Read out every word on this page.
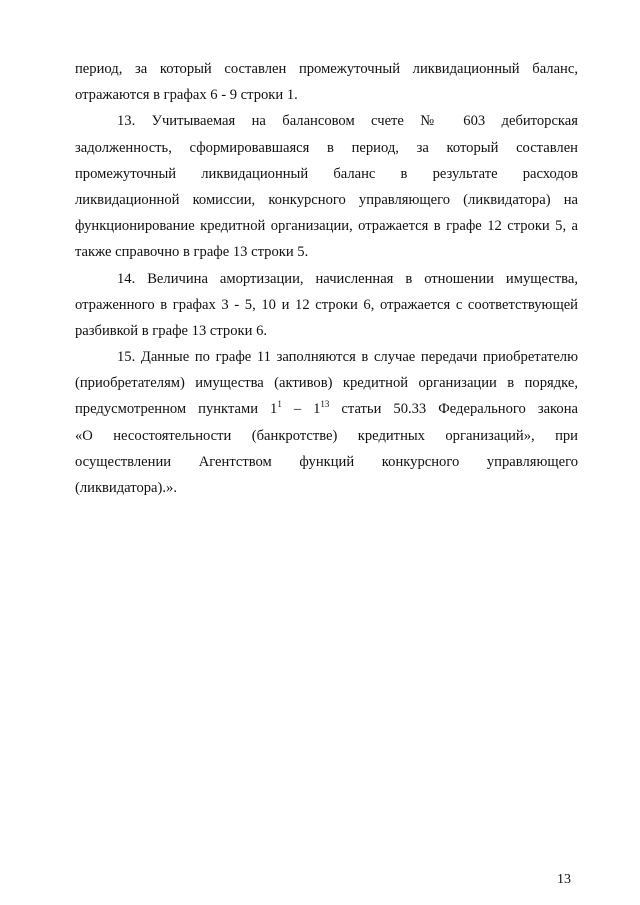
период, за который составлен промежуточный ликвидационный баланс,
отражаются в графах 6 - 9 строки 1.
13. Учитываемая на балансовом счете № 603 дебиторская
задолженность, сформировавшаяся в период, за который составлен
промежуточный ликвидационный баланс в результате расходов
ликвидационной комиссии, конкурсного управляющего (ликвидатора) на
функционирование кредитной организации, отражается в графе 12 строки 5, а
также справочно в графе 13 строки 5.
14. Величина амортизации, начисленная в отношении имущества,
отраженного в графах 3 - 5, 10 и 12 строки 6, отражается с соответствующей
разбивкой в графе 13 строки 6.
15. Данные по графе 11 заполняются в случае передачи приобретателю
(приобретателям) имущества (активов) кредитной организации в порядке,
предусмотренном пунктами $1^1 - 1^{13}$ статьи 50.33 Федерального закона
«О несостоятельности (банкротстве) кредитных организаций», при
осуществлении Агентством функций конкурсного управляющего
(ликвидатора).».
13
